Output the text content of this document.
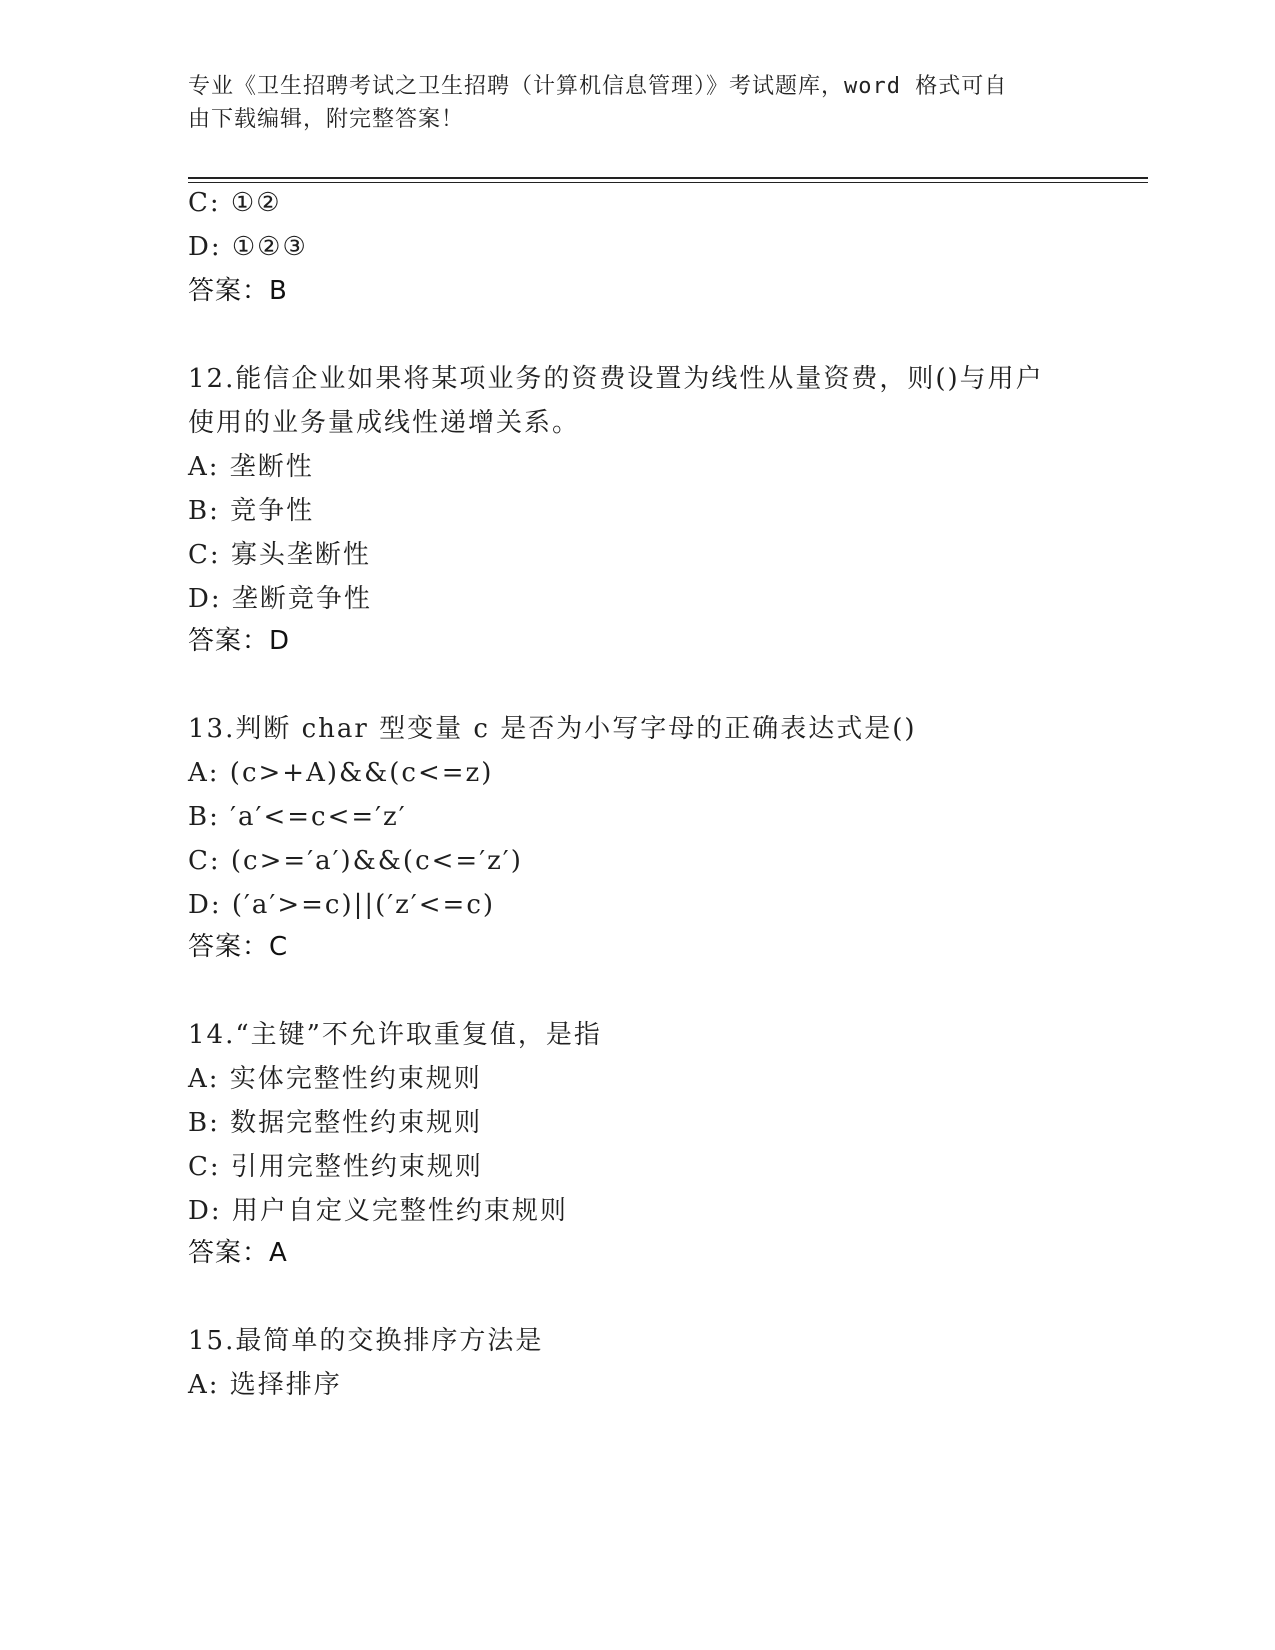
专业《卫生招聘考试之卫生招聘（计算机信息管理）》考试题库，word 格式可自
由下载编辑，附完整答案！
C: ①②
D: ①②③
答案：B
12.能信企业如果将某项业务的资费设置为线性从量资费，则()与用户
使用的业务量成线性递增关系。
A: 垄断性
B: 竞争性
C: 寡头垄断性
D: 垄断竞争性
答案：D
13.判断 char 型变量 c 是否为小写字母的正确表达式是()
A: (c>+A)&&(c<=z)
B: ′a′<=c<=′z′
C: (c>=′a′)&&(c<=′z′)
D: (′a′>=c)||(′z′<=c)
答案：C
14.“主键”不允许取重复值，是指
A: 实体完整性约束规则
B: 数据完整性约束规则
C: 引用完整性约束规则
D: 用户自定义完整性约束规则
答案：A
15.最简单的交换排序方法是
A: 选择排序
